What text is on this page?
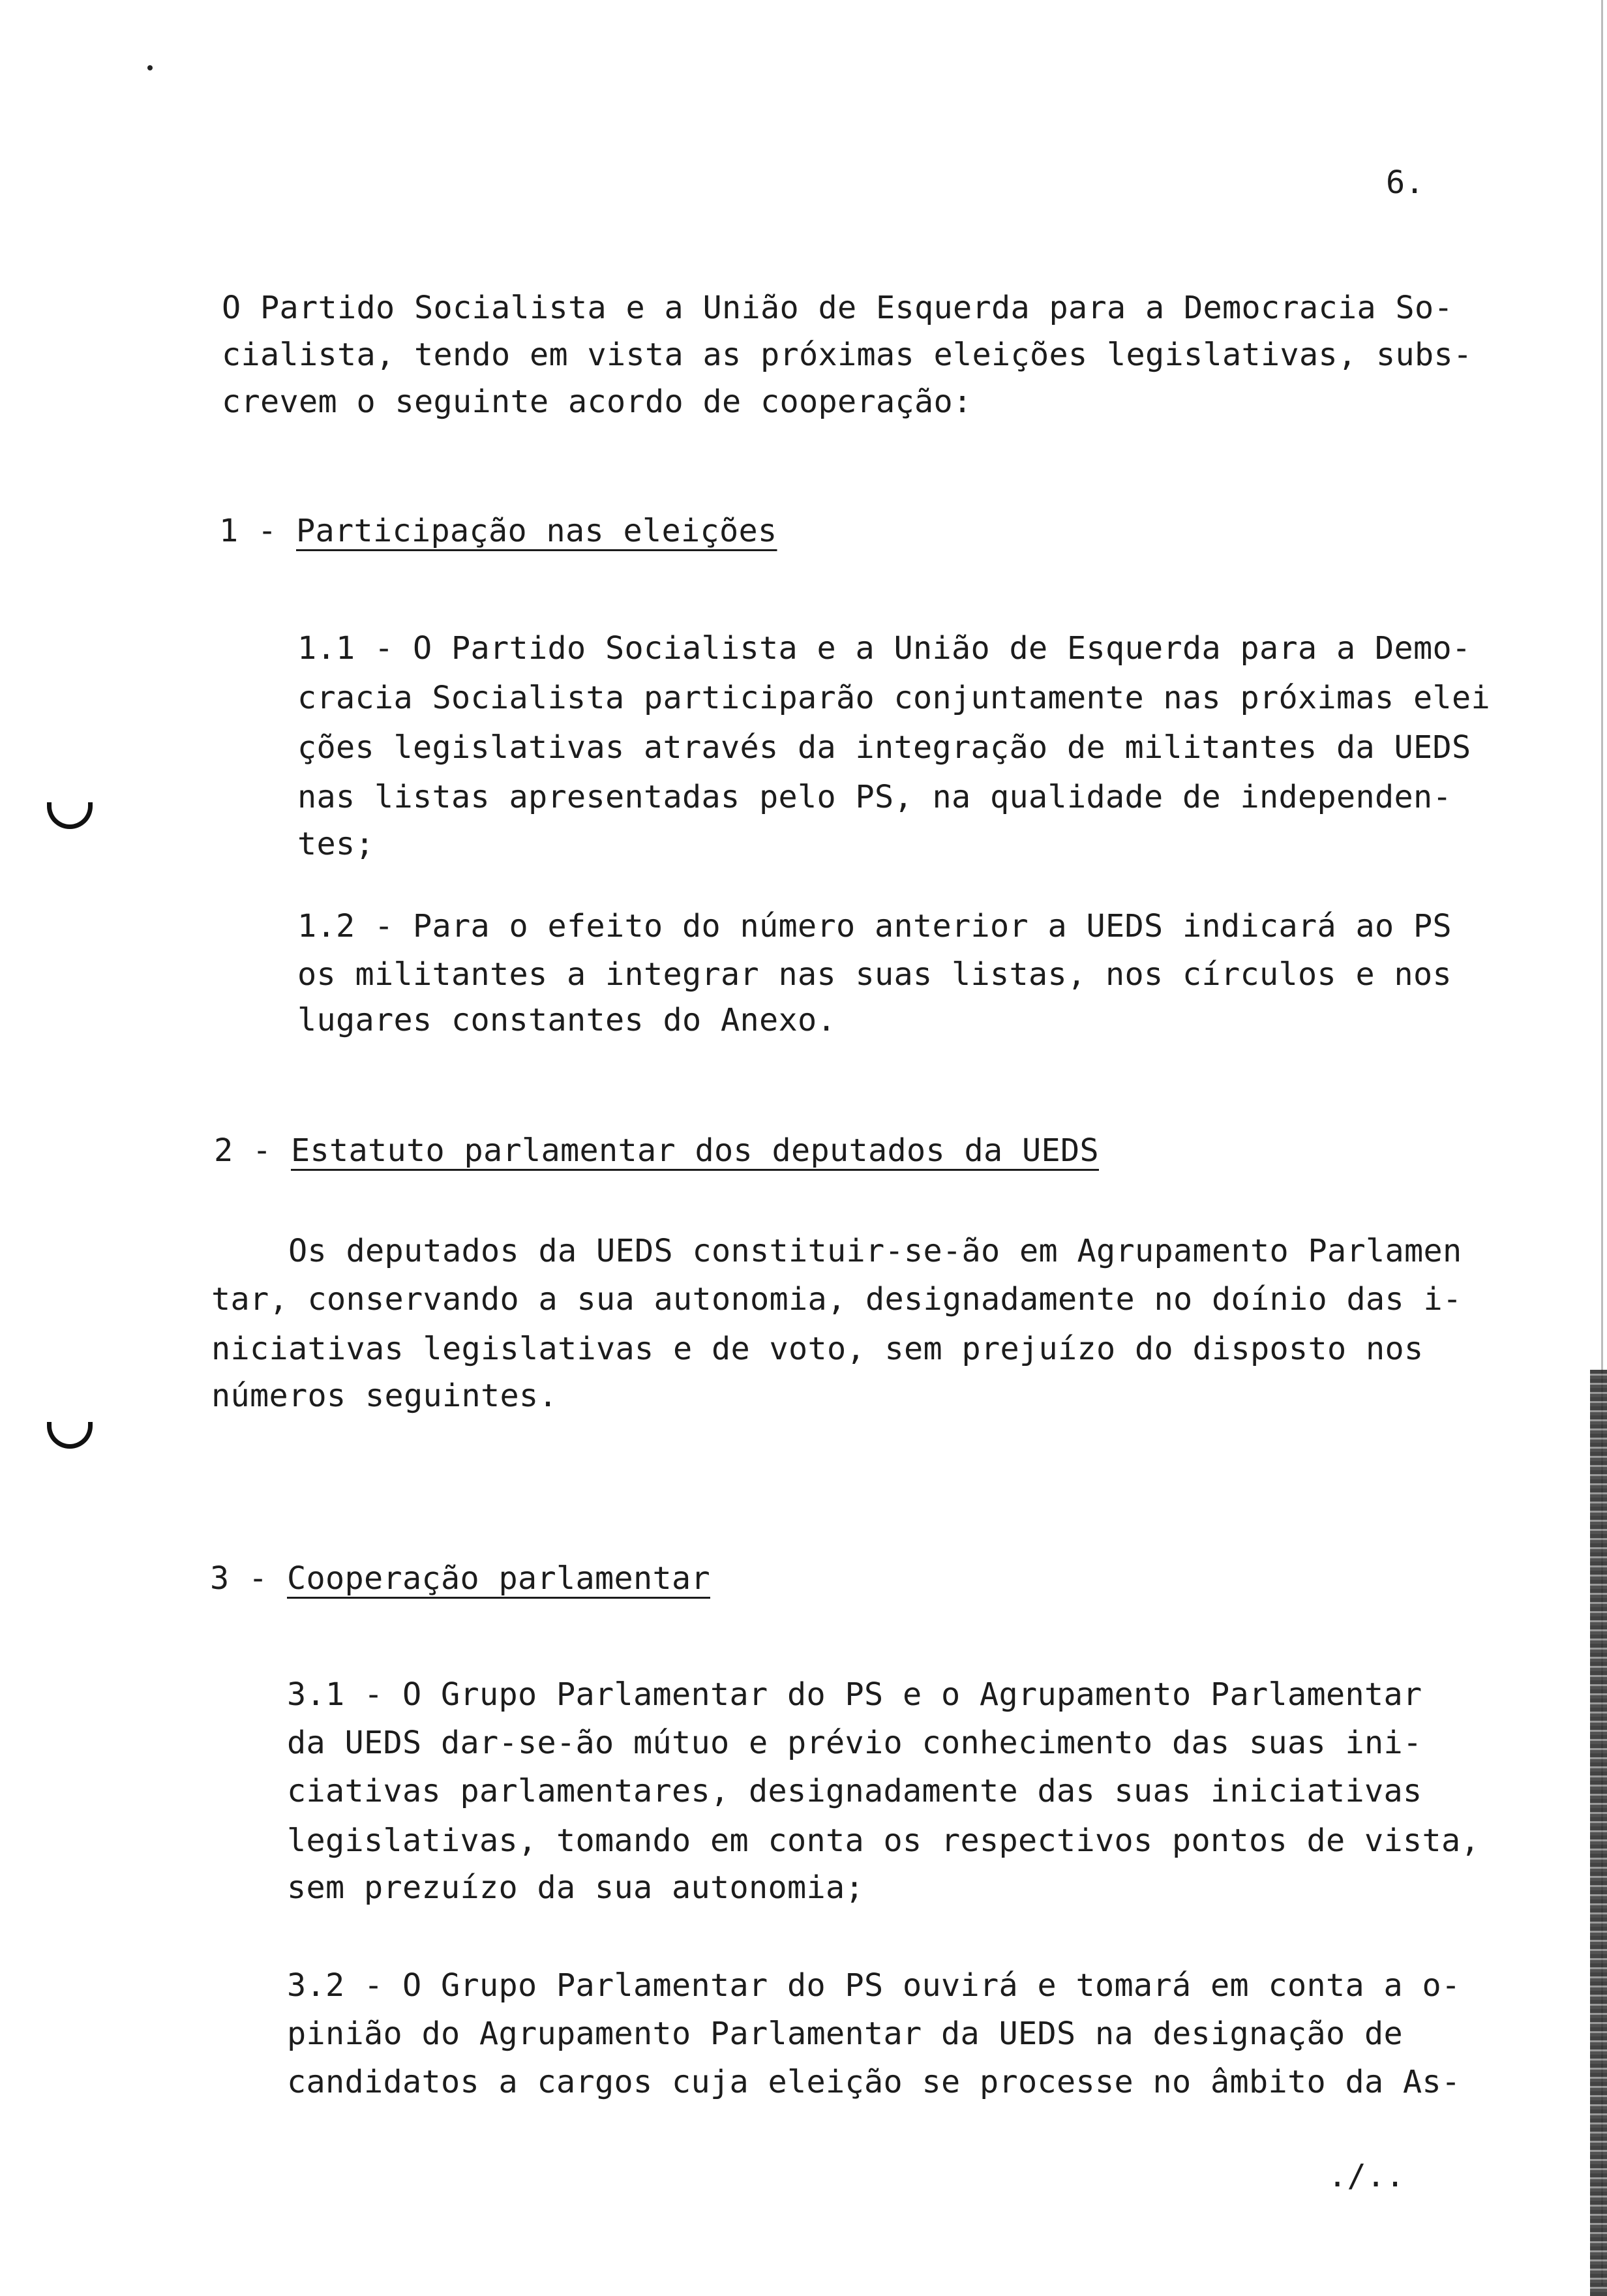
6.
O Partido Socialista e a União de Esquerda para a Democracia So-
cialista, tendo em vista as próximas eleições legislativas, subs-
crevem o seguinte acordo de cooperação:
1 - Participação nas eleições
1.1 - O Partido Socialista e a União de Esquerda para a Demo-
cracia Socialista participarão conjuntamente nas próximas elei
ções legislativas através da integração de militantes da UEDS
nas listas apresentadas pelo PS, na qualidade de independen-
tes;
1.2 - Para o efeito do número anterior a UEDS indicará ao PS
os militantes a integrar nas suas listas, nos círculos e nos
lugares constantes do Anexo.
2 - Estatuto parlamentar dos deputados da UEDS
Os deputados da UEDS constituir-se-ão em Agrupamento Parlamen
tar, conservando a sua autonomia, designadamente no doínio das i-
niciativas legislativas e de voto, sem prejuízo do disposto nos
números seguintes.
3 - Cooperação parlamentar
3.1 - O Grupo Parlamentar do PS e o Agrupamento Parlamentar
da UEDS dar-se-ão mútuo e prévio conhecimento das suas ini-
ciativas parlamentares, designadamente das suas iniciativas
legislativas, tomando em conta os respectivos pontos de vista,
sem prezuízo da sua autonomia;
3.2 - O Grupo Parlamentar do PS ouvirá e tomará em conta a o-
pinião do Agrupamento Parlamentar da UEDS na designação de
candidatos a cargos cuja eleição se processe no âmbito da As-
./..
